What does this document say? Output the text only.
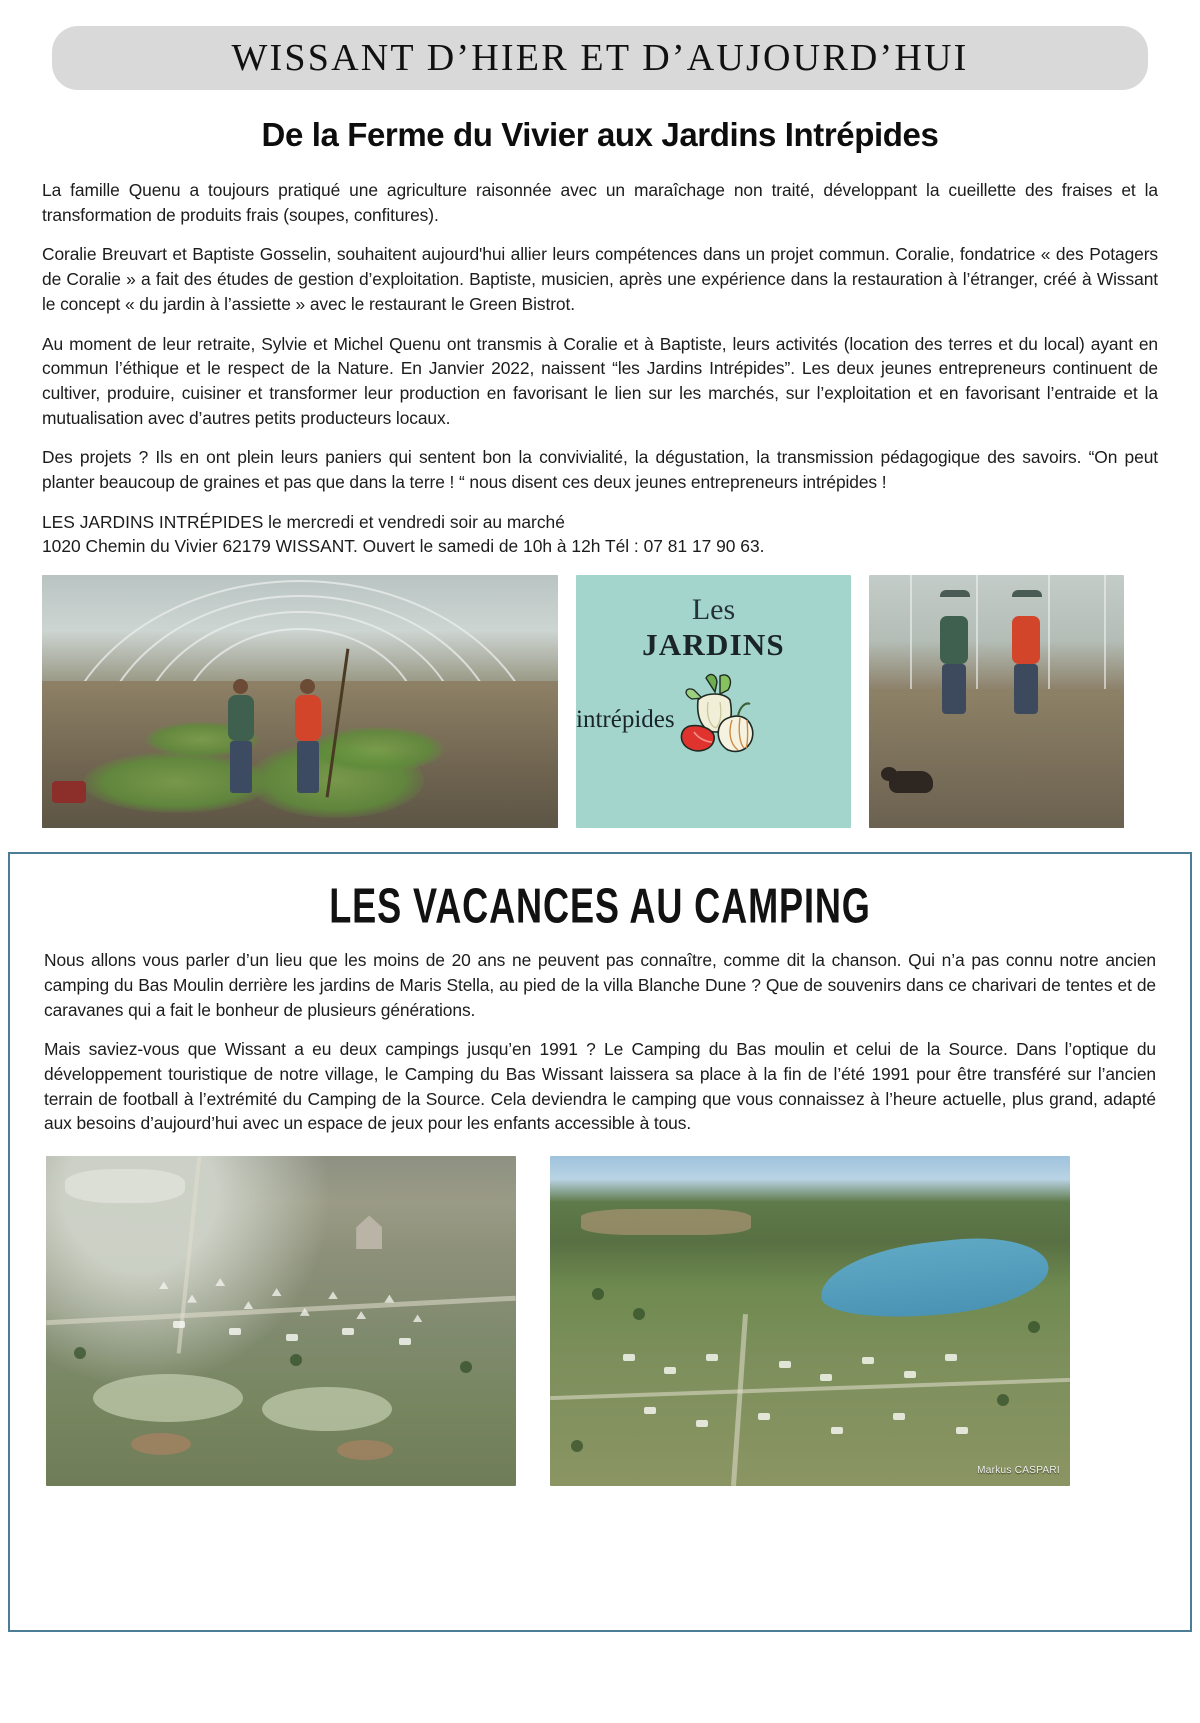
WISSANT D’HIER ET D’AUJOURD’HUI
De la Ferme du Vivier aux Jardins Intrépides

La famille Quenu a toujours pratiqué une agriculture raisonnée avec un maraîchage non traité, développant la cueillette des fraises et la transformation de produits frais (soupes, confitures).

Coralie Breuvart et Baptiste Gosselin, souhaitent aujourd'hui allier leurs compétences dans un projet commun. Coralie, fondatrice « des Potagers de Coralie » a fait des études de gestion d’exploitation. Baptiste, musicien, après une expérience dans la restauration à l’étranger, créé à Wissant le concept « du jardin à l’assiette » avec le restaurant le Green Bistrot.

Au moment de leur retraite, Sylvie et Michel Quenu ont transmis à Coralie et à Baptiste, leurs activités (location des terres et du local) ayant en commun l’éthique et le respect de la Nature. En Janvier 2022, naissent “les Jardins Intrépides”. Les deux jeunes entrepreneurs continuent de cultiver, produire, cuisiner et transformer leur production en favorisant le lien sur les marchés, sur l’exploitation et en favorisant l’entraide et la mutualisation avec d’autres petits producteurs locaux.

Des projets ? Ils en ont plein leurs paniers qui sentent bon la convivialité, la dégustation, la transmission pédagogique des savoirs. “On peut planter beaucoup de graines et pas que dans la terre ! “ nous disent ces deux jeunes entrepreneurs intrépides !

LES JARDINS INTRÉPIDES le mercredi et vendredi soir au marché
1020 Chemin du Vivier 62179 WISSANT. Ouvert le samedi de 10h à 12h Tél : 07 81 17 90 63.
Les
JARDINS
intrépides
LES VACANCES AU CAMPING

Nous allons vous parler d’un lieu que les moins de 20 ans ne peuvent pas connaître, comme dit la chanson. Qui n’a pas connu notre ancien camping du Bas Moulin derrière les jardins de Maris Stella, au pied de la villa Blanche Dune ? Que de souvenirs dans ce charivari de tentes et de caravanes qui a fait le bonheur de plusieurs générations.

Mais saviez-vous que Wissant a eu deux campings jusqu’en 1991 ? Le Camping du Bas moulin et celui de la Source. Dans l’optique du développement touristique de notre village, le Camping du Bas Wissant laissera sa place à la fin de l’été 1991 pour être transféré sur l’ancien terrain de football à l’extrémité du Camping de la Source. Cela deviendra le camping que vous connaissez à l’heure actuelle, plus grand, adapté aux besoins d’aujourd’hui avec un espace de jeux pour les enfants accessible à tous.

Markus CASPARI
